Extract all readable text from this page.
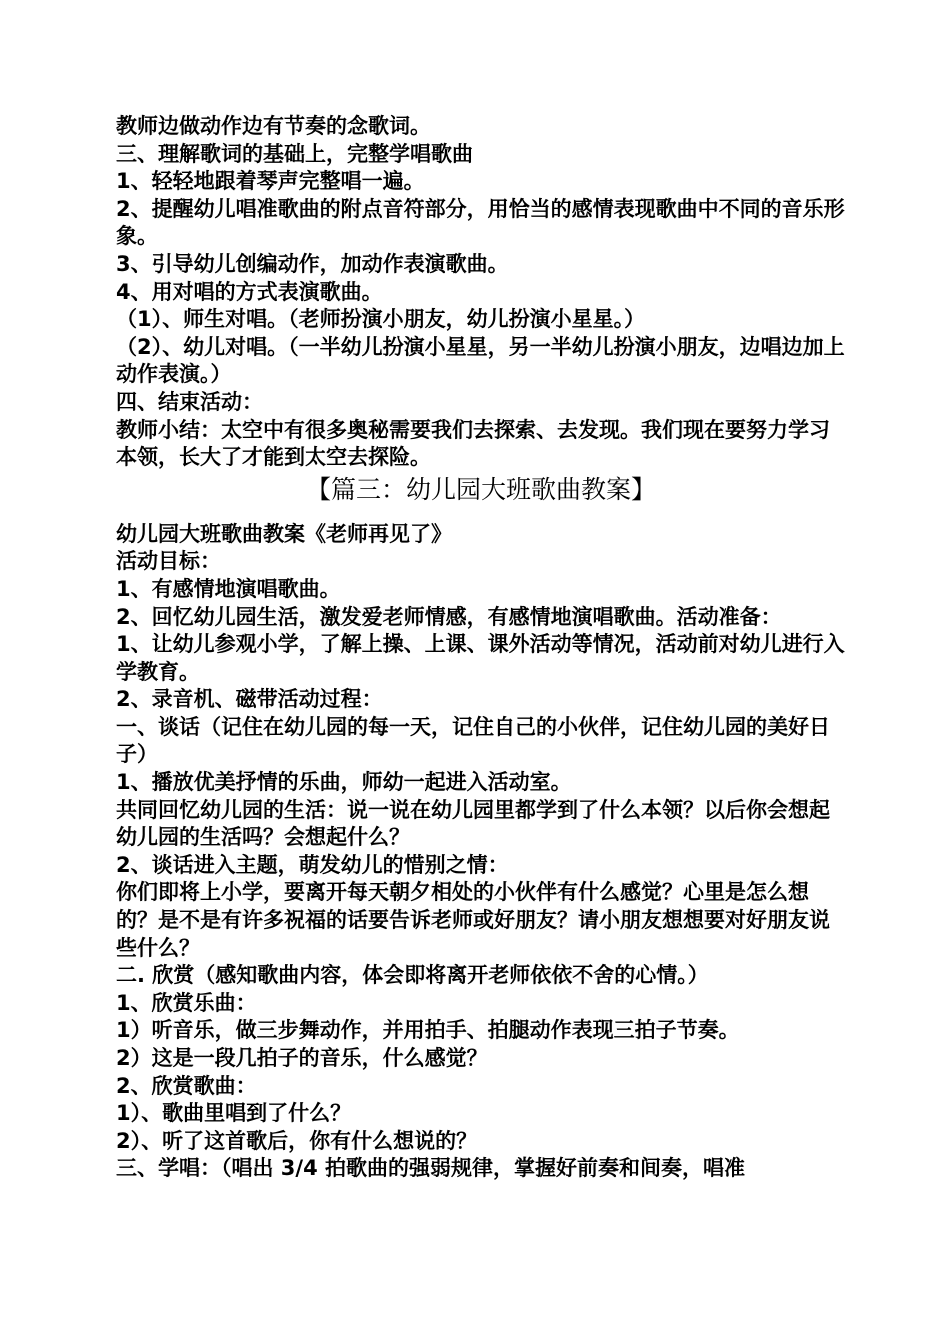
教师边做动作边有节奏的念歌词。
三、理解歌词的基础上，完整学唱歌曲
1、轻轻地跟着琴声完整唱一遍。
2、提醒幼儿唱准歌曲的附点音符部分，用恰当的感情表现歌曲中不同的音乐形象。
3、引导幼儿创编动作，加动作表演歌曲。
4、用对唱的方式表演歌曲。
（1）、师生对唱。（老师扮演小朋友，幼儿扮演小星星。）
（2）、幼儿对唱。（一半幼儿扮演小星星，另一半幼儿扮演小朋友，边唱边加上动作表演。）
四、结束活动：
教师小结：太空中有很多奥秘需要我们去探索、去发现。我们现在要努力学习本领，长大了才能到太空去探险。
【篇三：幼儿园大班歌曲教案】
幼儿园大班歌曲教案《老师再见了》
活动目标：
1、有感情地演唱歌曲。
2、回忆幼儿园生活，激发爱老师情感，有感情地演唱歌曲。活动准备：
1、让幼儿参观小学，了解上操、上课、课外活动等情况，活动前对幼儿进行入学教育。
2、录音机、磁带活动过程：
一、谈话（记住在幼儿园的每一天，记住自己的小伙伴，记住幼儿园的美好日子）
1、播放优美抒情的乐曲，师幼一起进入活动室。
共同回忆幼儿园的生活：说一说在幼儿园里都学到了什么本领？以后你会想起幼儿园的生活吗？会想起什么？
2、谈话进入主题，萌发幼儿的惜别之情：
你们即将上小学，要离开每天朝夕相处的小伙伴有什么感觉？心里是怎么想的？是不是有许多祝福的话要告诉老师或好朋友？请小朋友想想要对好朋友说些什么？
二. 欣赏（感知歌曲内容，体会即将离开老师依依不舍的心情。）
1、欣赏乐曲：
1）听音乐，做三步舞动作，并用拍手、拍腿动作表现三拍子节奏。
2）这是一段几拍子的音乐，什么感觉？
2、欣赏歌曲：
1）、歌曲里唱到了什么？
2）、听了这首歌后，你有什么想说的？
三、学唱：（唱出 3/4 拍歌曲的强弱规律，掌握好前奏和间奏，唱准
